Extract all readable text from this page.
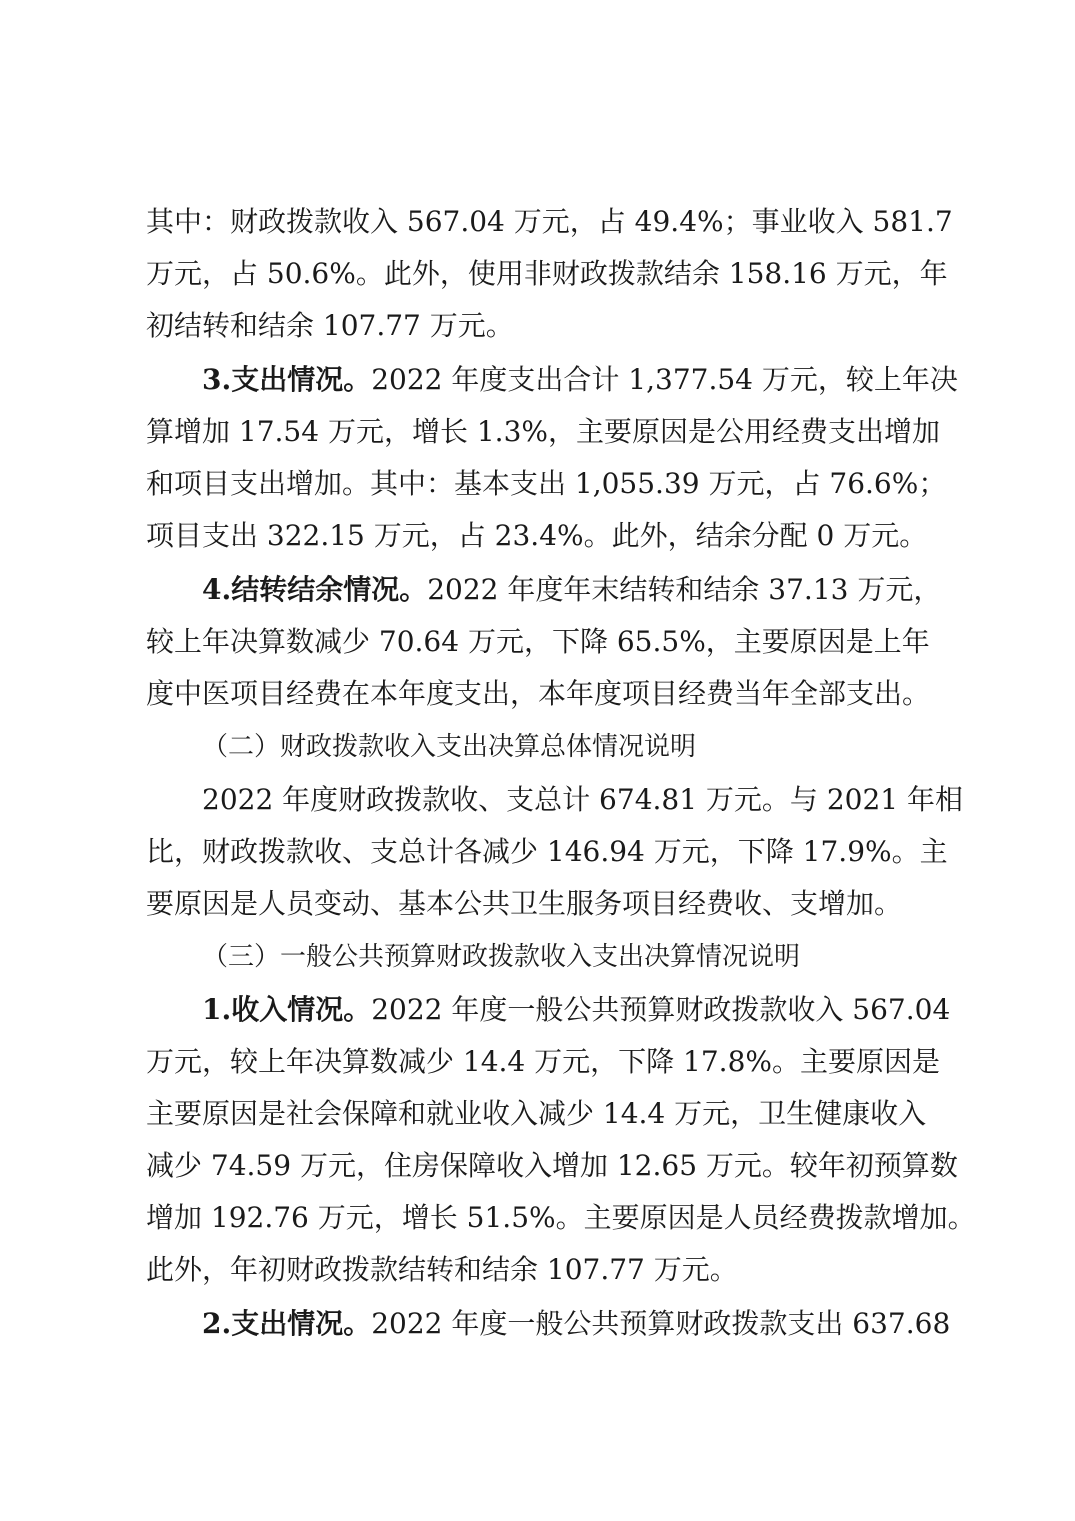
其中：财政拨款收入 567.04 万元，占 49.4%；事业收入 581.7
万元，占 50.6%。此外，使用非财政拨款结余 158.16 万元，年
初结转和结余 107.77 万元。
3.支出情况。2022 年度支出合计 1,377.54 万元，较上年决
算增加 17.54 万元，增长 1.3%，主要原因是公用经费支出增加
和项目支出增加。其中：基本支出 1,055.39 万元，占 76.6%；
项目支出 322.15 万元，占 23.4%。此外，结余分配 0 万元。
4.结转结余情况。2022 年度年末结转和结余 37.13 万元，
较上年决算数减少 70.64 万元，下降 65.5%，主要原因是上年
度中医项目经费在本年度支出，本年度项目经费当年全部支出。
（二）财政拨款收入支出决算总体情况说明
2022 年度财政拨款收、支总计 674.81 万元。与 2021 年相
比，财政拨款收、支总计各减少 146.94 万元，下降 17.9%。主
要原因是人员变动、基本公共卫生服务项目经费收、支增加。
（三）一般公共预算财政拨款收入支出决算情况说明
1.收入情况。2022 年度一般公共预算财政拨款收入 567.04
万元，较上年决算数减少 14.4 万元，下降 17.8%。主要原因是
主要原因是社会保障和就业收入减少 14.4 万元，卫生健康收入
减少 74.59 万元，住房保障收入增加 12.65 万元。较年初预算数
增加 192.76 万元，增长 51.5%。主要原因是人员经费拨款增加。
此外，年初财政拨款结转和结余 107.77 万元。
2.支出情况。2022 年度一般公共预算财政拨款支出 637.68
